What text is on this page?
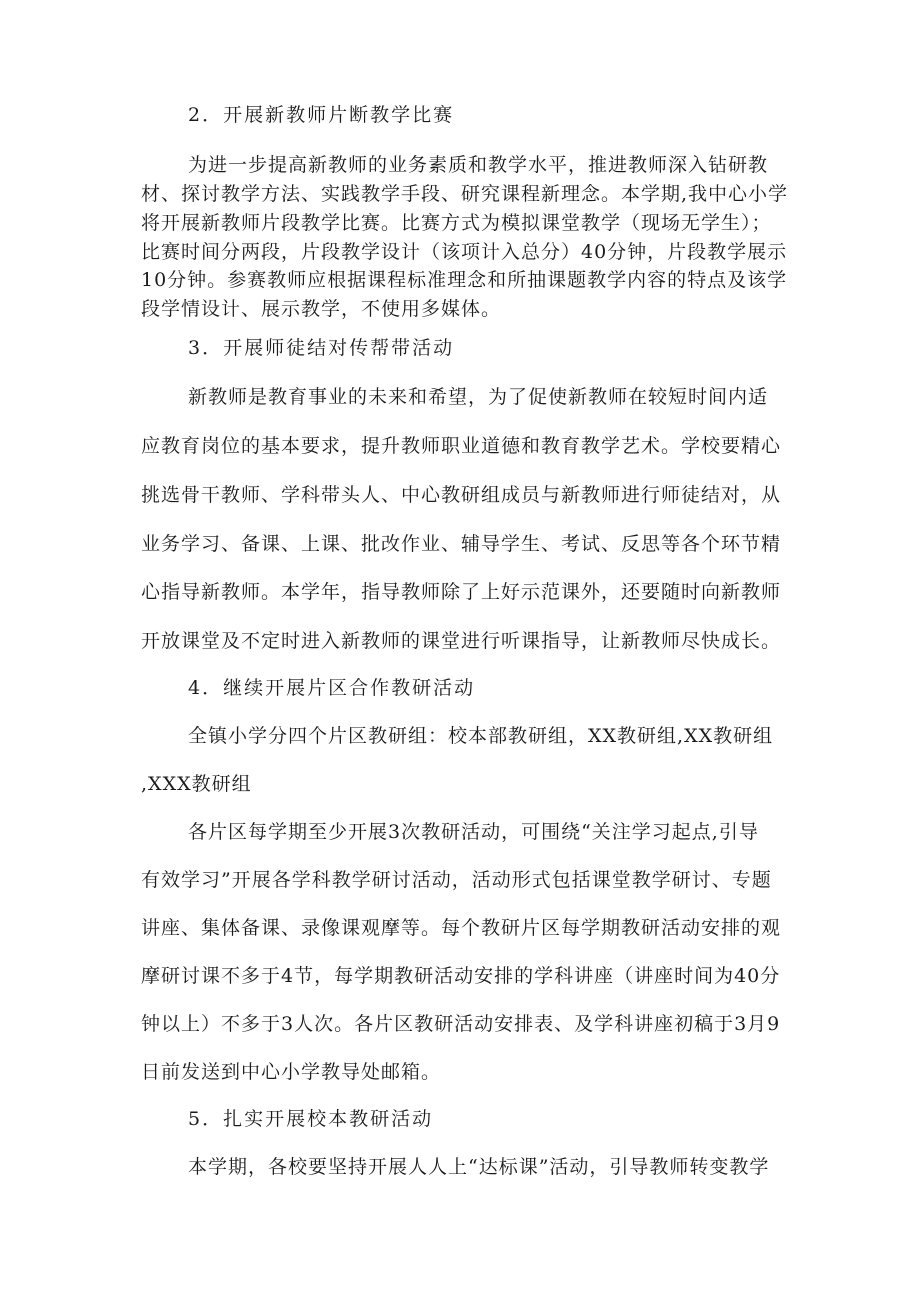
2．开展新教师片断教学比赛
为进一步提高新教师的业务素质和教学水平，推进教师深入钻研教
材、探讨教学方法、实践教学手段、研究课程新理念。本学期,我中心小学
将开展新教师片段教学比赛。比赛方式为模拟课堂教学（现场无学生）；
比赛时间分两段，片段教学设计（该项计入总分）40分钟，片段教学展示
10分钟。参赛教师应根据课程标准理念和所抽课题教学内容的特点及该学
段学情设计、展示教学，不使用多媒体。
3．开展师徒结对传帮带活动
新教师是教育事业的未来和希望，为了促使新教师在较短时间内适
应教育岗位的基本要求，提升教师职业道德和教育教学艺术。学校要精心
挑选骨干教师、学科带头人、中心教研组成员与新教师进行师徒结对，从
业务学习、备课、上课、批改作业、辅导学生、考试、反思等各个环节精
心指导新教师。本学年，指导教师除了上好示范课外，还要随时向新教师
开放课堂及不定时进入新教师的课堂进行听课指导，让新教师尽快成长。
4．继续开展片区合作教研活动
全镇小学分四个片区教研组：校本部教研组，XX教研组,XX教研组
,XXX教研组
各片区每学期至少开展3次教研活动，可围绕“关注学习起点,引导
有效学习”开展各学科教学研讨活动，活动形式包括课堂教学研讨、专题
讲座、集体备课、录像课观摩等。每个教研片区每学期教研活动安排的观
摩研讨课不多于4节，每学期教研活动安排的学科讲座（讲座时间为40分
钟以上）不多于3人次。各片区教研活动安排表、及学科讲座初稿于3月9
日前发送到中心小学教导处邮箱。
5．扎实开展校本教研活动
本学期，各校要坚持开展人人上“达标课”活动，引导教师转变教学
